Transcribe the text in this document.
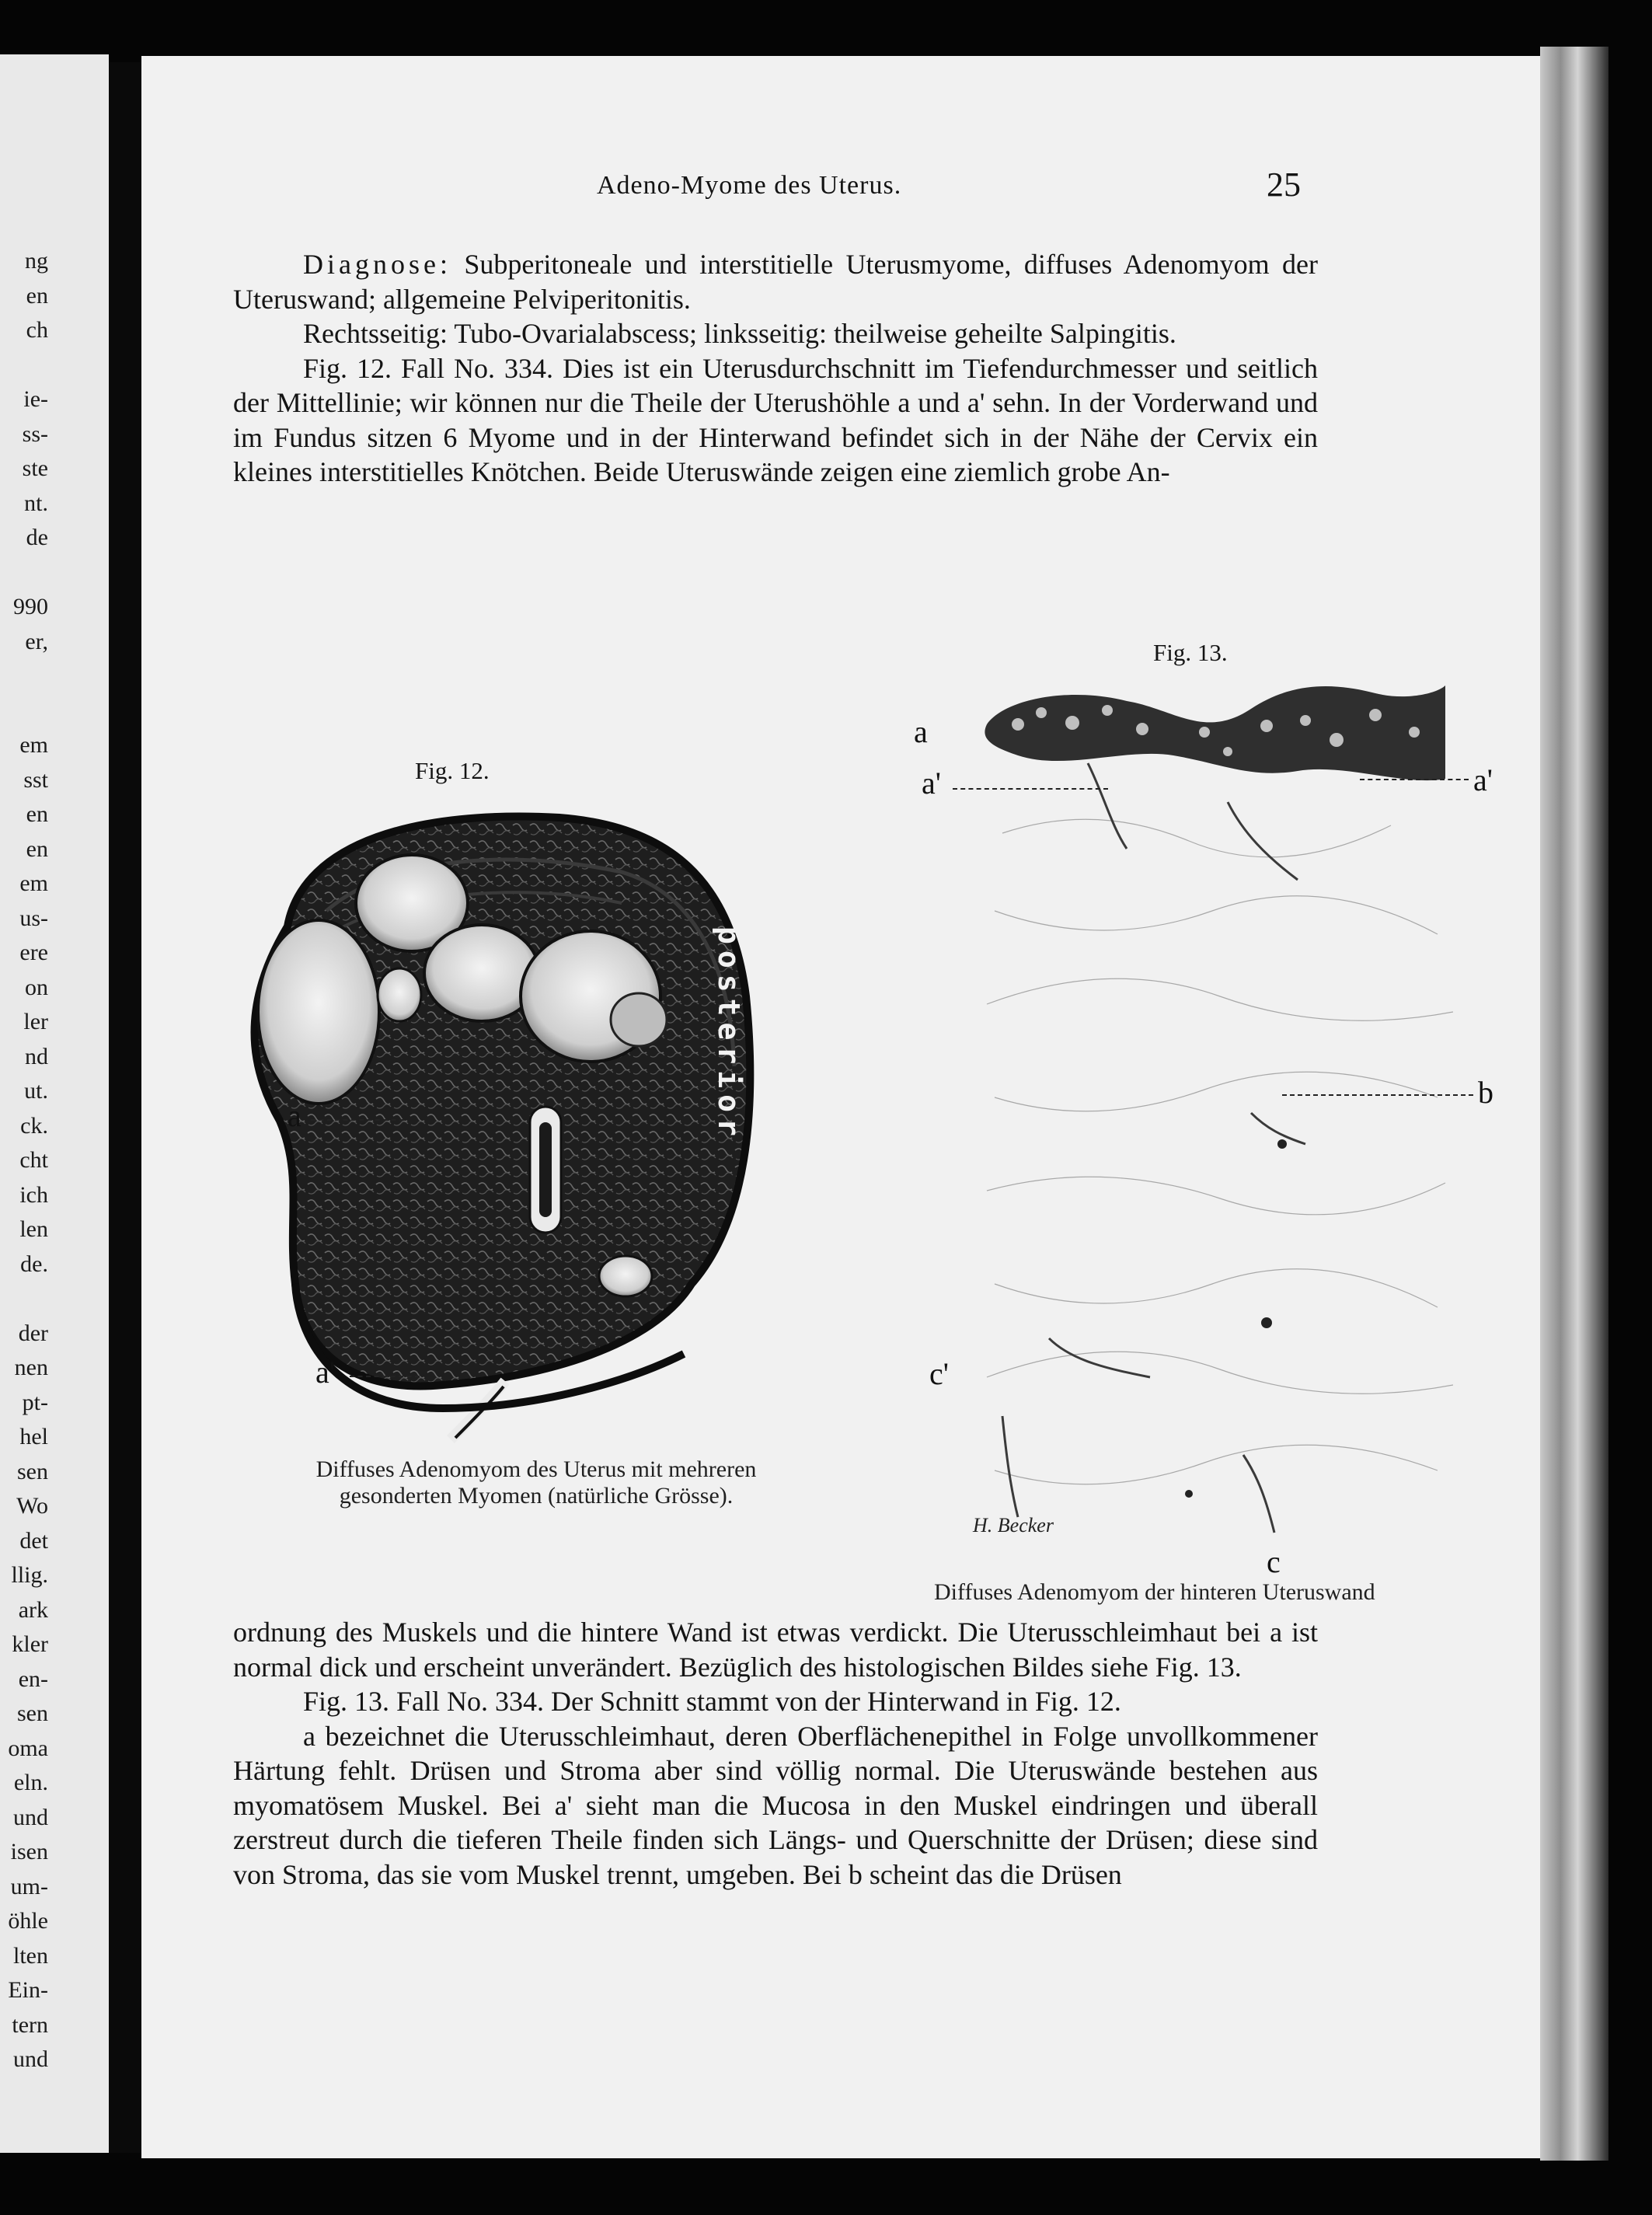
ng
en
ch
ie-
ss-
ste
nt.
de
990
er,
em
sst
en
en
em
us-
ere
on
ler
nd
ut.
ck.
cht
ich
len
de.
der
nen
pt-
hel
sen
Wo
det
llig.
ark
kler
en-
sen
oma
eln.
und
isen
um-
öhle
lten
Ein-
tern
und
Adeno-Myome des Uterus.	25

Diagnose: Subperitoneale und interstitielle Uterusmyome, diffuses Adenomyom der Uteruswand; allgemeine Pelviperitonitis.

Rechtsseitig: Tubo-Ovarialabscess; linksseitig: theilweise geheilte Salpingitis.

Fig. 12. Fall No. 334. Dies ist ein Uterusdurchschnitt im Tiefendurchmesser und seitlich der Mittellinie; wir können nur die Theile der Uterushöhle a und a' sehn. In der Vorderwand und im Fundus sitzen 6 Myome und in der Hinterwand befindet sich in der Nähe der Cervix ein kleines interstitielles Knötchen. Beide Uteruswände zeigen eine ziemlich grobe An-

Fig. 12.
posterior
a
a'
Diffuses Adenomyom des Uterus mit mehreren
gesonderten Myomen (natürliche Grösse).
Fig. 13.
a
a'	a'
b
c'
c
H. Becker
Diffuses Adenomyom der hinteren Uteruswand

ordnung des Muskels und die hintere Wand ist etwas verdickt. Die Uterusschleimhaut bei a ist normal dick und erscheint unverändert. Bezüglich des histologischen Bildes siehe Fig. 13.

Fig. 13. Fall No. 334. Der Schnitt stammt von der Hinterwand in Fig. 12.

a bezeichnet die Uterusschleimhaut, deren Oberflächenepithel in Folge unvollkommener Härtung fehlt. Drüsen und Stroma aber sind völlig normal. Die Uteruswände bestehen aus myomatösem Muskel. Bei a' sieht man die Mucosa in den Muskel eindringen und überall zerstreut durch die tieferen Theile finden sich Längs- und Querschnitte der Drüsen; diese sind von Stroma, das sie vom Muskel trennt, umgeben. Bei b scheint das die Drüsen
